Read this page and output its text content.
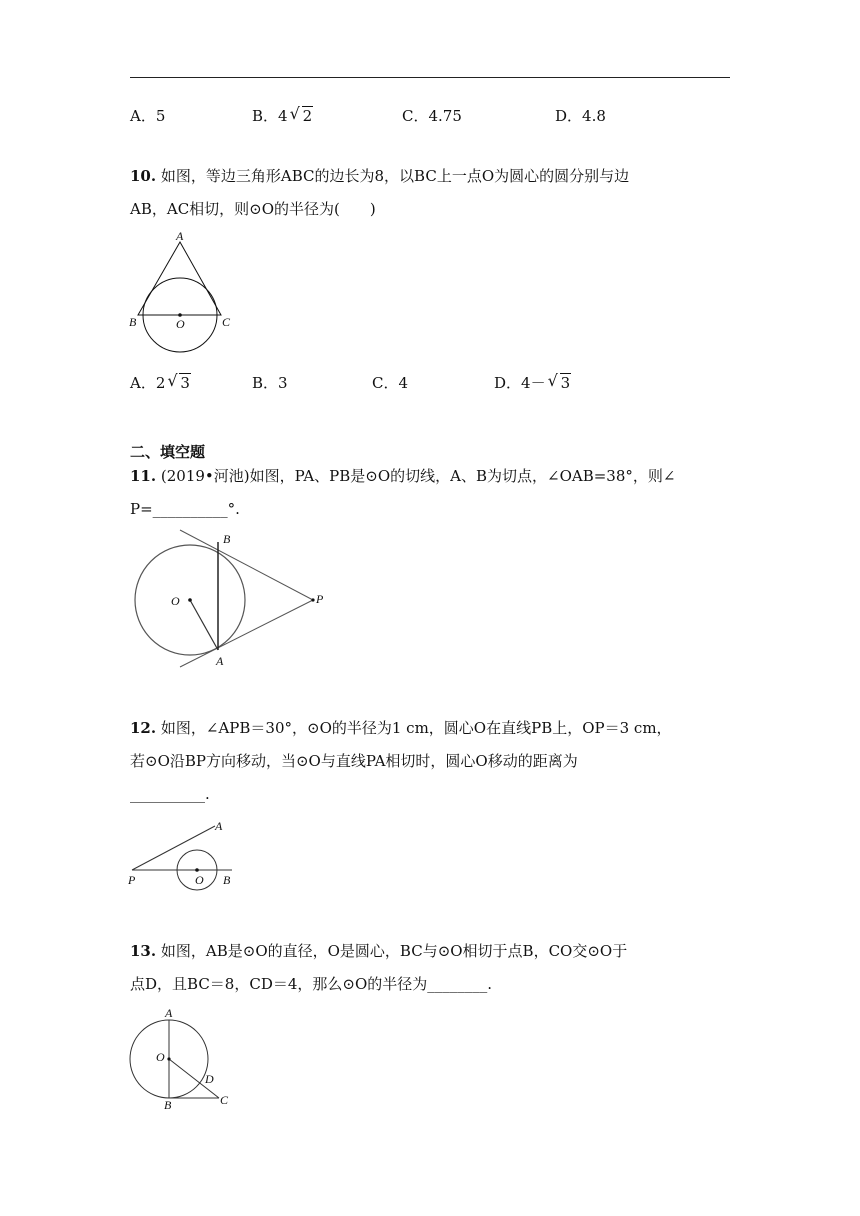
A．5	B．4 √ 2	C．4.75	D．4.8
10. 如图，等边三角形ABC的边长为8，以BC上一点O为圆心的圆分别与边
AB，AC相切，则⊙O的半径为(　　)
A
B	O	C
A．2 √ 3	B．3	C．4	D．4－ √ 3
二、填空题
11. (2019•河池)如图，PA、PB是⊙O的切线，A、B为切点，∠OAB=38°，则∠
P=__________°.
O
B
P
A
12. 如图，∠APB＝30°，⊙O的半径为1 cm，圆心O在直线PB上，OP＝3 cm，
若⊙O沿BP方向移动，当⊙O与直线PA相切时，圆心O移动的距离为
__________.
P	O B
A
13. 如图，AB是⊙O的直径，O是圆心，BC与⊙O相切于点B，CO交⊙O于
点D，且BC＝8，CD＝4，那么⊙O的半径为________.
A
O
D
B	C
